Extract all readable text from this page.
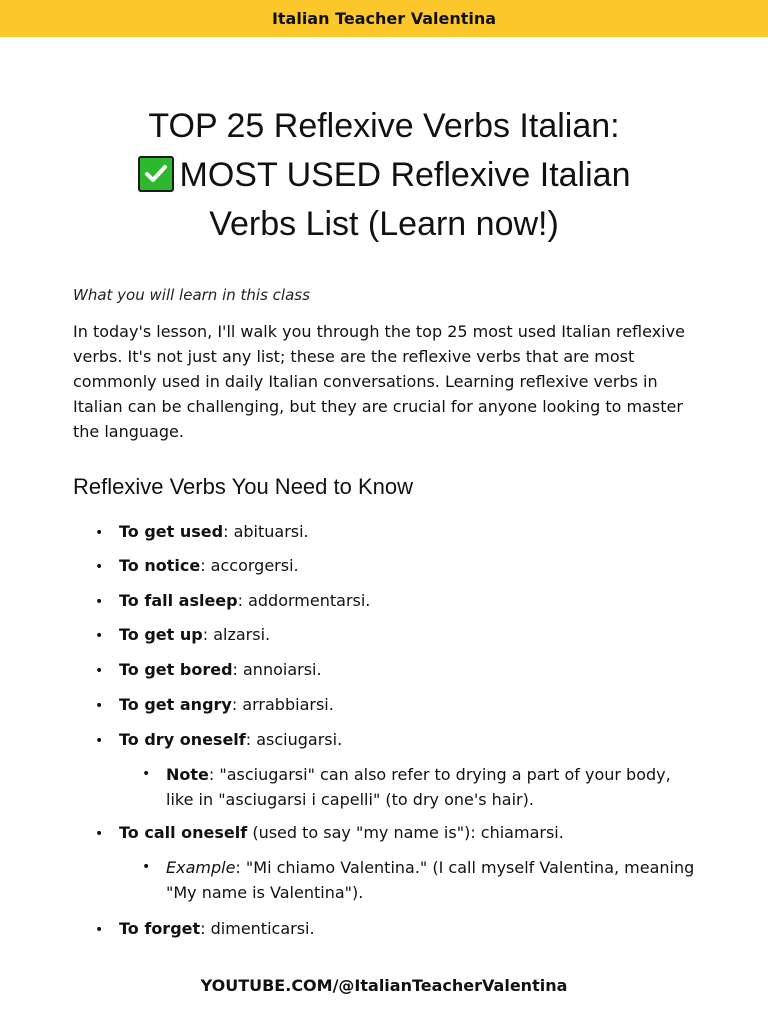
Italian Teacher Valentina
TOP 25 Reflexive Verbs Italian:

MOST USED Reflexive Italian
Verbs List (Learn now!)

What you will learn in this class

In today's lesson, I'll walk you through the top 25 most used Italian reflexive verbs. It's not just any list; these are the reflexive verbs that are most commonly used in daily Italian conversations. Learning reflexive verbs in Italian can be challenging, but they are crucial for anyone looking to master the language.

Reflexive Verbs You Need to Know
• To get used: abituarsi.
• To notice: accorgersi.
• To fall asleep: addormentarsi.
• To get up: alzarsi.
• To get bored: annoiarsi.
• To get angry: arrabbiarsi.
• To dry oneself: asciugarsi.
• Note: "asciugarsi" can also refer to drying a part of your body, like in "asciugarsi i capelli" (to dry one's hair).
• To call oneself (used to say "my name is"): chiamarsi.
• Example: "Mi chiamo Valentina." (I call myself Valentina, meaning "My name is Valentina").
• To forget: dimenticarsi.
YOUTUBE.COM/@ItalianTeacherValentina
